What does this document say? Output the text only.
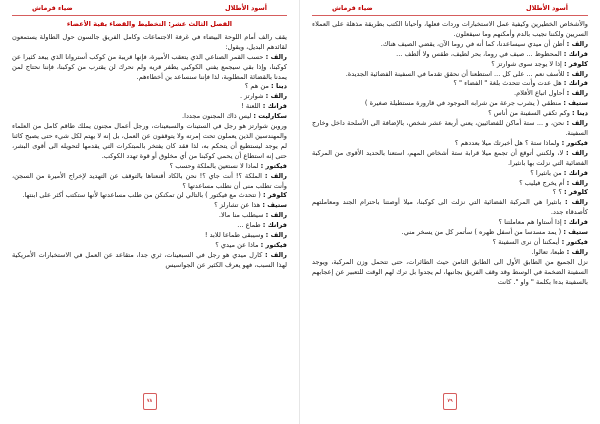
ضياء قرماش	أسود الأطلال

الفصل الثالث عشر: التخطيط والقضاء بقية الأعضاء

يقف رالف أمام اللوحة البيضاء في غرفة الاجتماعات وكامل الفريق جالسون حول الطاولة يستمعون لقائدهم البديل، ويقول:

رالف : حسب القمر الصناعي الذي يتعقب الأميرة، فإنها قريبة من كوكب أستروانا الذي يبعد كثيرا عن كوكبنا، وإذا بقي سيجمع يفني الكوكبي يطفر قريه ولم نحرك لن يقترب من كوكبنا، فإننا نحتاج لمن يمدنا بالقضائة المطلوبة، لذا فإننا سنساعد بن أخطاءهم.

دينا : من هم ؟

رالف : شوارتز .

فرانك : اللعنة !

سكارليت : ليس ذاك المجنون مجددا.

وروبن شوارتز هو رجل في الستينات والسبعينات، ورجل أعمال مجنون يملك طاقم كامل من العلماء والمهندسين الذين يعملون تحت إمرته ولا يتوقفون عن العمل، بل إنه لا يهتم لكل شيء حتى يصبح كائنا لم يوجد ليستطيع أن يتحكم به، لذا فقد كان يفتخر بالمبتكرات التي يقدمها لتحويله الى أقوى البشر، حتى إنه استطاع أن يحمي كوكبنا من أي مخلوق أو قوة تهدد الكوكب.

فيكتور : لماذا لا نستعين بالملكة وحسب ؟

رالف : الملكة ؟! أنت جاي ؟! نحن بالكاد أقنعناها بالتوقف عن التهديد لإخراج الأميرة من السجن، وأنت تطلب منى أن نطلب مساعدتها ؟

كلوفر : ( تتحدث مع فيكتور ) بالتالي لن تمكنكن من طلب مساعدتها لأنها ستكتب أكثر على ابنتها.

ستيف : هذا عن تشارلز ؟

رالف : سيطلب منا مالا.

فرانك : طماع ...

رالف : وسيبقى طماعا للابد !

فيكتور : ماذا عن ميدي ؟

رالف : كارل ميدي هو رجل في السبعينات، ثري جدا، متقاعد عن العمل في الاستخبارات الأمريكية لهذا السبب، فهو يعرف الكثير عن الجواسيس

٧٨
ضياء قرماش	أسود الأطلال

والأشخاص الخطيرين وكيفية عمل الاستخبارات وردات فعلها، وأحيانا الكتب بطريقة مذهلة على العملاء السريين ولكننا نجيب بالدم وأمكنهم وما سيفعلون.

رالف : أظن أن ميدي سيساعدنا، كما أنه في روما الآن، يقضي الصيف هناك.

فرانك : المحظوظ ... صيف في روما، بحر لطيف، طقس ولا ألطف ...

كلوفر : إذا لا يوجد سوى شوارتز ؟

رالف : للأسف نعم ... على كل ... استطعنا أن نحقق تقدما في السفينة الفضائية الجديدة.

فرانك : هل عدت وأنت تتحدث بلغة " الفضاء " ؟

رالف : أحاول اتباع الأفلام.

ستيف : منطقي ( يشرب جرعة من شرابه الموجود في قارورة مستطيلة صغيرة )

دينا : وكم تكفي السفينة من أناس ؟

رالف : نحن، و ... ستة أماكن للفضائيين، يعني أربعة عشر شخص، بالإضافة الى الأسلحة داخل وخارج السفينة.

فيكتور : ولماذا ستة ؟ هل أخبرتك ميلا بعددهم ؟

رالف : لا، ولكنني أتوقع أن تجمع ميلا قرابة ستة أشخاص المهم، استعنا بالحديد الأقوى من المركبة الفضائية التي نزلت بها بانثيرا.

فرانك : من بانثيرا ؟

رالف : أم يخرج فيليب ؟

كلوفر : ؟ ؟

رالف : بانثيرا هي المركبة الفضائية التي نزلت الى كوكبنا، ميلا أوصتنا باحترام الجند ومعاملتهم كأصدقاء جدد.

فرانك : إذا أستاوا هم معاملتنا ؟

ستيف : ( يمد مسدسا من أسفل ظهره ) سأتمر كل من يسخر مني.

فيكتور : أيمكننا أن نرى السفينة ؟

رالف : طبعا، تعالوا.

نزل الجميع من الطابق الأول الى الطابق الثامن حيث الطائرات، حتى تتحمل وزن المركبة، ويوجد السفينة الضخمة في الوسط وقد وقف الفريق بجانبها، لم يجدوا بل ترك لهم الوقت للتعبير عن إعجابهم بالسفينة بدءا بكلمة " واو ". كانت

٧٩
